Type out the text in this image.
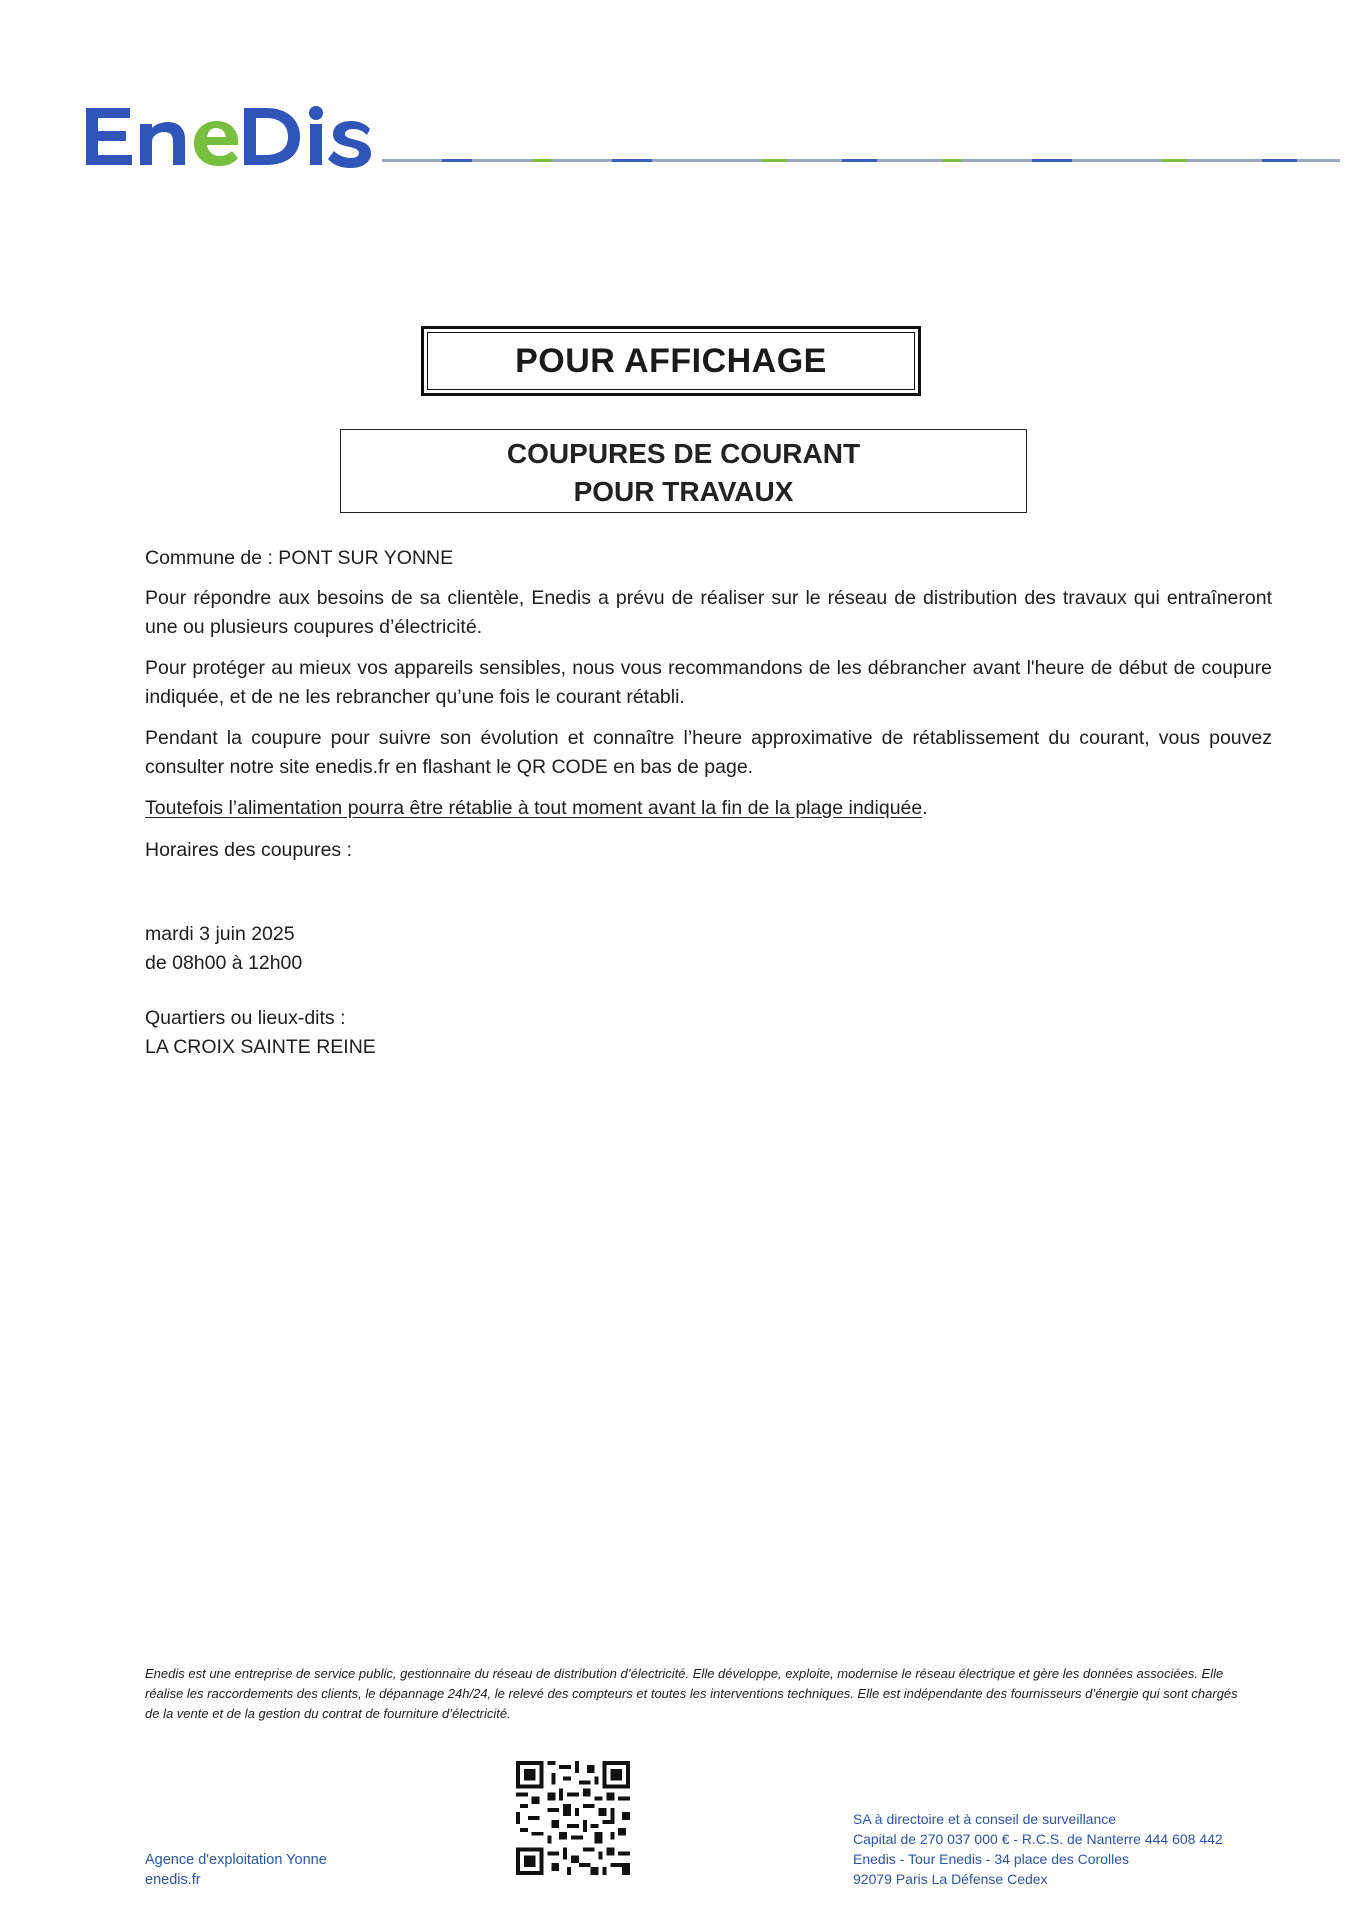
POUR AFFICHAGE
COUPURES DE COURANT
POUR TRAVAUX

Commune de : PONT SUR YONNE

Pour répondre aux besoins de sa clientèle, Enedis a prévu de réaliser sur le réseau de distribution des travaux qui entraîneront une ou plusieurs coupures d’électricité.

Pour protéger au mieux vos appareils sensibles, nous vous recommandons de les débrancher avant l'heure de début de coupure indiquée, et de ne les rebrancher qu’une fois le courant rétabli.

Pendant la coupure pour suivre son évolution et connaître l’heure approximative de rétablissement du courant, vous pouvez consulter notre site enedis.fr en flashant le QR CODE en bas de page.

Toutefois l’alimentation pourra être rétablie à tout moment avant la fin de la plage indiquée.

Horaires des coupures :

mardi 3 juin 2025

de 08h00 à 12h00

Quartiers ou lieux-dits :

LA CROIX SAINTE REINE

Enedis est une entreprise de service public, gestionnaire du réseau de distribution d’électricité. Elle développe, exploite, modernise le réseau électrique et gère les données associées. Elle réalise les raccordements des clients, le dépannage 24h/24, le relevé des compteurs et toutes les interventions techniques. Elle est indépendante des fournisseurs d’énergie qui sont chargés de la vente et de la gestion du contrat de fourniture d’électricité.

Agence d'exploitation Yonne
enedis.fr
SA à directoire et à conseil de surveillance
Capital de 270 037 000 € - R.C.S. de Nanterre 444 608 442
Enedis - Tour Enedis - 34 place des Corolles
92079 Paris La Défense Cedex
